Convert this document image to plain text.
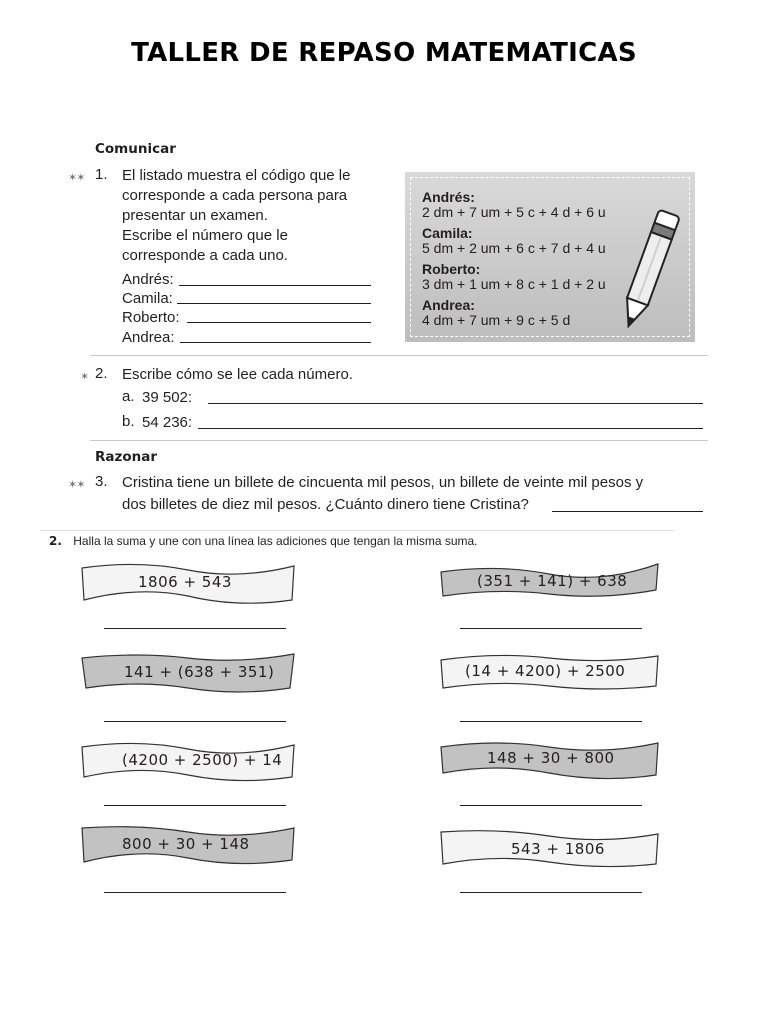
TALLER DE REPASO MATEMATICAS
Comunicar
✶✶ 1. El listado muestra el código que le
corresponde a cada persona para
presentar un examen.
Escribe el número que le
corresponde a cada uno.
Andrés:
Camila:
Roberto:
Andrea:
Andrés:
2 dm + 7 um + 5 c + 4 d + 6 u
Camila:
5 dm + 2 um + 6 c + 7 d + 4 u
Roberto:
3 dm + 1 um + 8 c + 1 d + 2 u
Andrea:
4 dm + 7 um + 9 c + 5 d
✶ 2. Escribe cómo se lee cada número.
a. 39 502:
b. 54 236:
Razonar
✶✶ 3. Cristina tiene un billete de cincuenta mil pesos, un billete de veinte mil pesos y
dos billetes de diez mil pesos. ¿Cuánto dinero tiene Cristina?
2. Halla la suma y une con una línea las adiciones que tengan la misma suma.
1806 + 543
141 + (638 + 351)
(4200 + 2500) + 14
800 + 30 + 148
(351 + 141) + 638
(14 + 4200) + 2500
148 + 30 + 800
543 + 1806
